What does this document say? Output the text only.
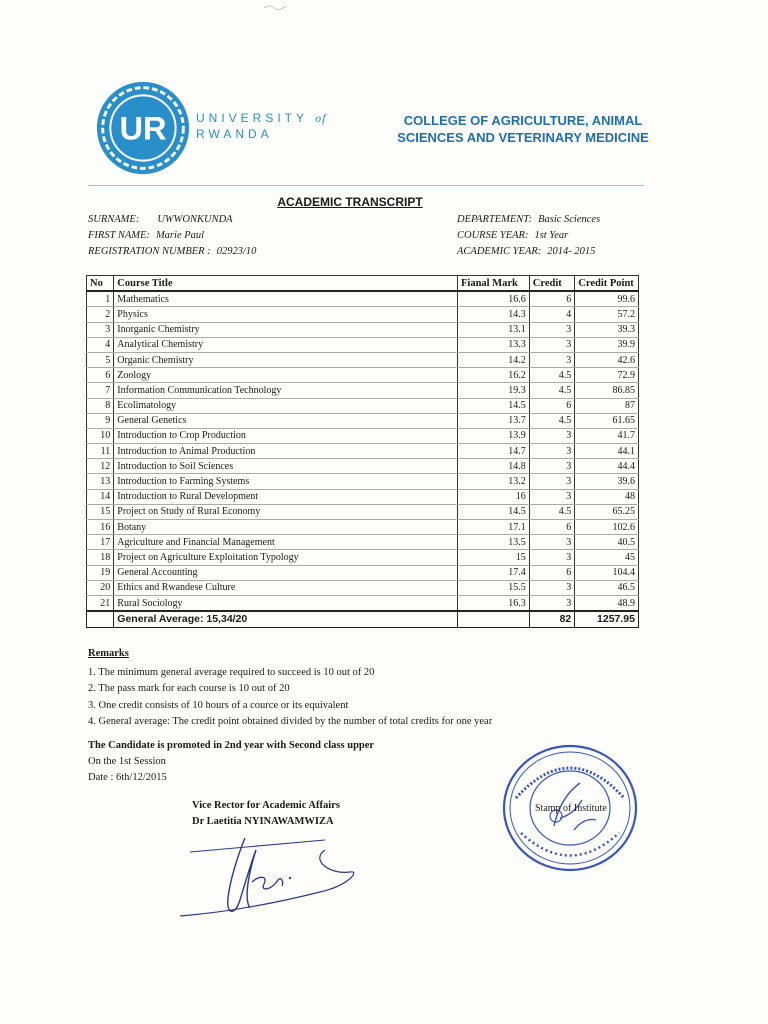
UR UNIVERSITY of
RWANDA
COLLEGE OF AGRICULTURE, ANIMAL
SCIENCES AND VETERINARY MEDICINE
ACADEMIC TRANSCRIPT
SURNAME: UWWONKUNDA
FIRST NAME: Marie Paul
REGISTRATION NUMBER : 02923/10
DEPARTEMENT: Basic Sciences
COURSE YEAR: 1st Year
ACADEMIC YEAR: 2014- 2015
No	Course Title	Fianal Mark	Credit	Credit Point
1	Mathematics	16.6	6	99.6
2	Physics	14.3	4	57.2
3	Inorganic Chemistry	13.1	3	39.3
4	Analytical Chemistry	13.3	3	39.9
5	Organic Chemistry	14.2	3	42.6
6	Zoology	16.2	4.5	72.9
7	Information Communication Technology	19.3	4.5	86.85
8	Ecolimatology	14.5	6	87
9	General Genetics	13.7	4.5	61.65
10	Introduction to Crop Production	13.9	3	41.7
11	Introduction to Animal Production	14.7	3	44.1
12	Introduction to Soil Sciences	14.8	3	44.4
13	Introduction to Farming Systems	13.2	3	39.6
14	Introduction to Rural Development	16	3	48
15	Project on Study of Rural Economy	14.5	4.5	65.25
16	Botany	17.1	6	102.6
17	Agriculture and Financial Management	13.5	3	40.5
18	Project on Agriculture Exploitation Typology	15	3	45
19	General Accounting	17.4	6	104.4
20	Ethics and Rwandese Culture	15.5	3	46.5
21	Rural Sociology	16.3	3	48.9
	General Average: 15,34/20		82	1257.95
Remarks
1. The minimum general average required to succeed is 10 out of 20
2. The pass mark for each course is 10 out of 20
3. One credit consists of 10 hours of a cource or its equivalent
4. General average: The credit point obtained divided by the number of total credits for one year
The Candidate is promoted in 2nd year with Second class upper
On the 1st Session
Date : 6th/12/2015
Vice Rector for Academic Affairs
Dr Laetitia NYINAWAMWIZA
Stamp of Institute
